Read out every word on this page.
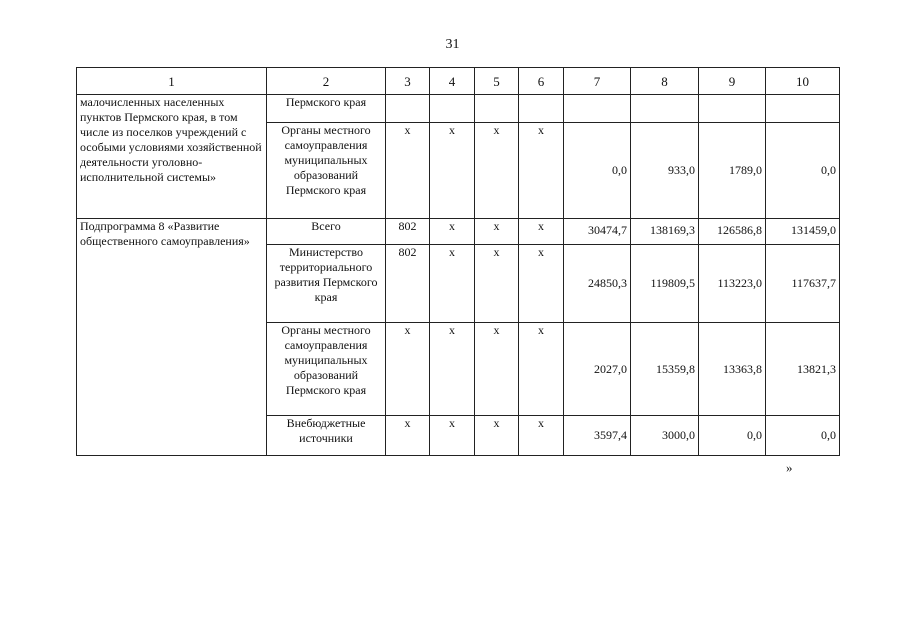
31
1	2	3	4	5	6	7	8	9	10
малочисленных населенных пунктов Пермского края, в том числе из поселков учреждений с особыми условиями хозяйственной деятельности уголовно-исполнительной системы»	Пермского края								
	Органы местного самоуправления муниципальных образований Пермского края	х	х	х	х	0,0	933,0	1789,0	0,0
Подпрограмма 8 «Развитие общественного самоуправления»	Всего	802	х	х	х	30474,7	138169,3	126586,8	131459,0
	Министерство территориального развития Пермского края	802	х	х	х	24850,3	119809,5	113223,0	117637,7
	Органы местного самоуправления муниципальных образований Пермского края	х	х	х	х	2027,0	15359,8	13363,8	13821,3
	Внебюджетные источники	х	х	х	х	3597,4	3000,0	0,0	0,0
»
